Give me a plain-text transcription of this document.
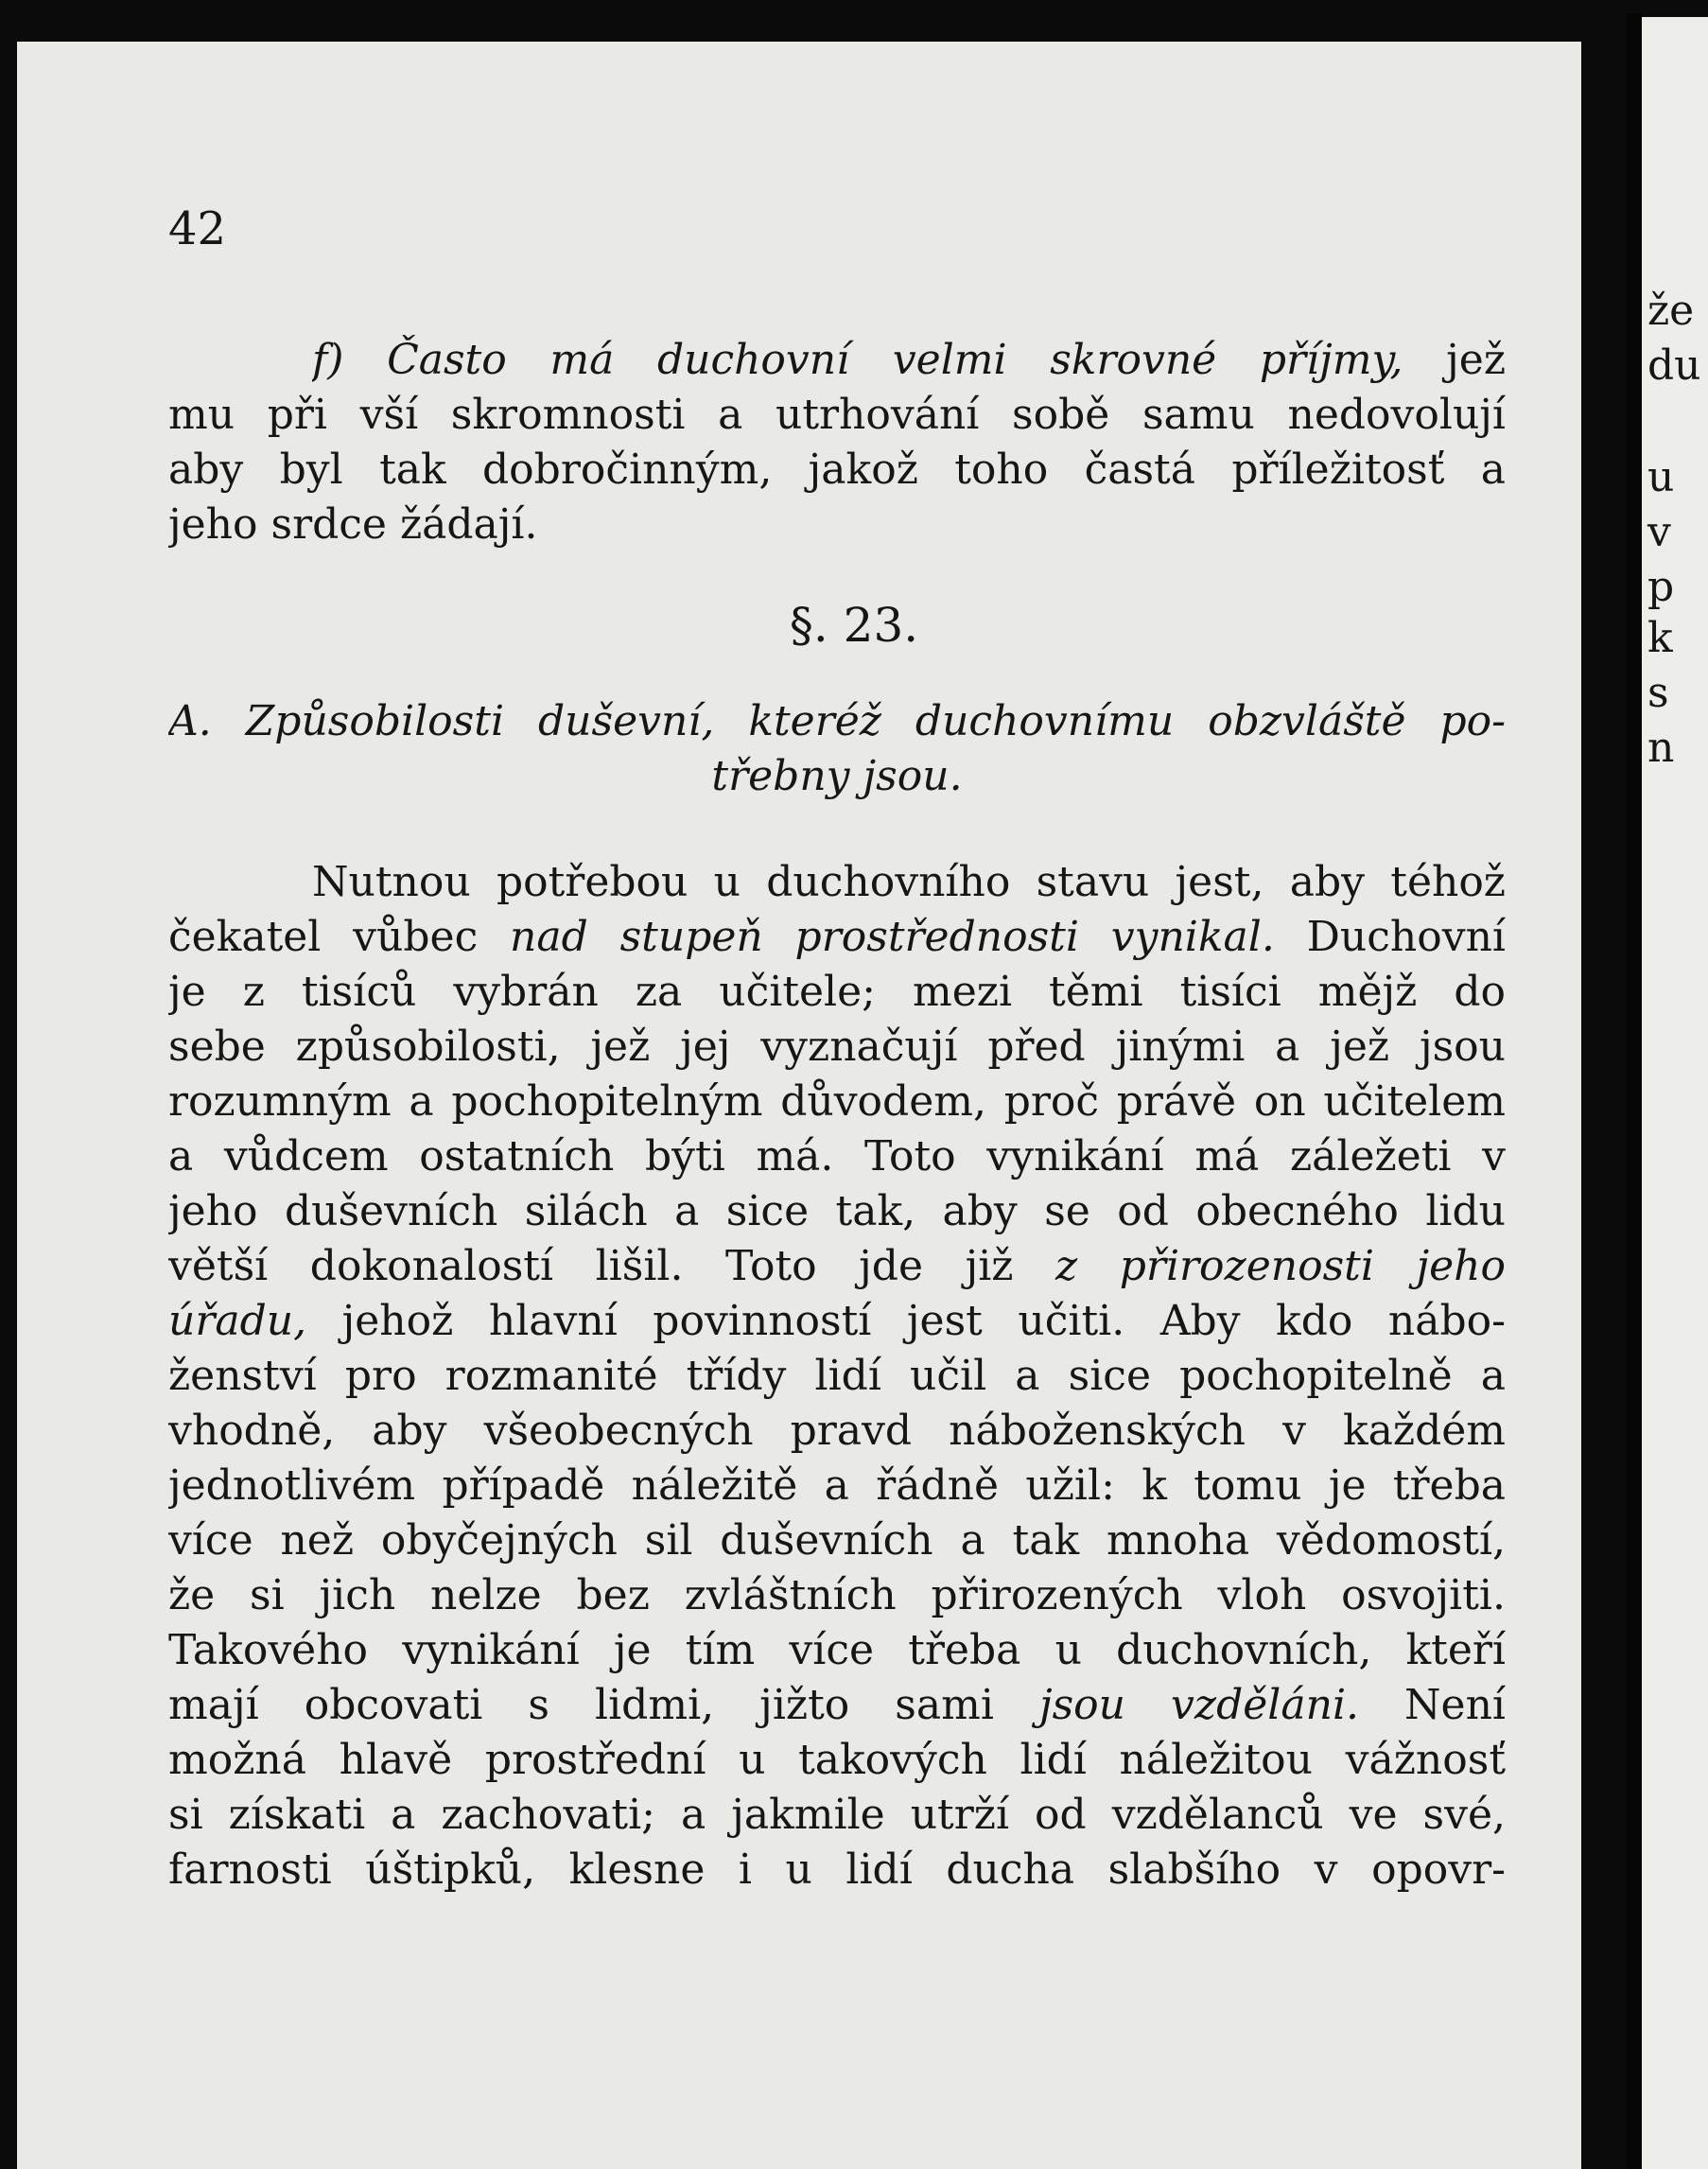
42
f) Často má duchovní velmi skrovné příjmy, jež
mu při vší skromnosti a utrhování sobě samu nedovolují
aby byl tak dobročinným, jakož toho častá příležitosť a
jeho srdce žádají.
§. 23.
A. Způsobilosti duševní, kteréž duchovnímu obzvláště po-
třebny jsou.
Nutnou potřebou u duchovního stavu jest, aby téhož
čekatel vůbec nad stupeň prostřednosti vynikal. Duchovní
je z tisíců vybrán za učitele; mezi těmi tisíci mějž do
sebe způsobilosti, jež jej vyznačují před jinými a jež jsou
rozumným a pochopitelným důvodem, proč právě on učitelem
a vůdcem ostatních býti má. Toto vynikání má záležeti v
jeho duševních silách a sice tak, aby se od obecného lidu
větší dokonalostí lišil. Toto jde již z přirozenosti jeho
úřadu, jehož hlavní povinností jest učiti. Aby kdo nábo-
ženství pro rozmanité třídy lidí učil a sice pochopitelně a
vhodně, aby všeobecných pravd náboženských v každém
jednotlivém případě náležitě a řádně užil: k tomu je třeba
více než obyčejných sil duševních a tak mnoha vědomostí,
že si jich nelze bez zvláštních přirozených vloh osvojiti.
Takového vynikání je tím více třeba u duchovních, kteří
mají obcovati s lidmi, jižto sami jsou vzděláni. Není
možná hlavě prostřední u takových lidí náležitou vážnosť
si získati a zachovati; a jakmile utrží od vzdělanců ve své,
farnosti úštipků, klesne i u lidí ducha slabšího v opovr-
že
du
u
v
p
k
s
n
